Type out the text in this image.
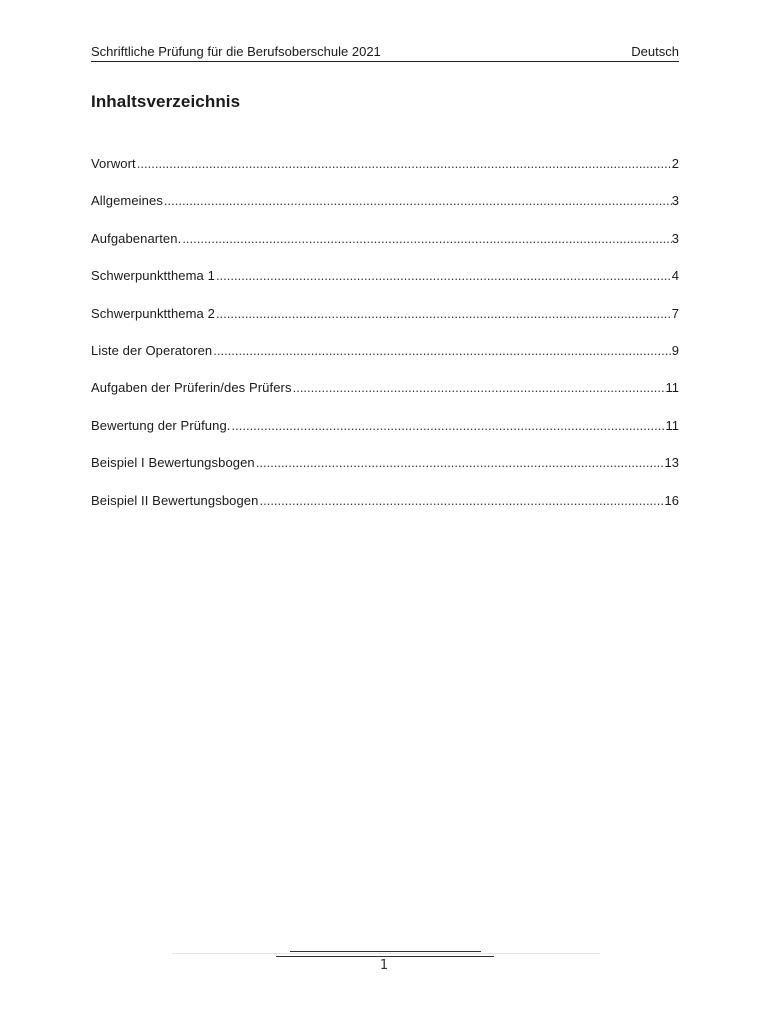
Schriftliche Prüfung für die Berufsoberschule 2021	Deutsch
Inhaltsverzeichnis
Vorwort .....	2
Allgemeines .....	3
Aufgabenarten. .....	3
Schwerpunktthema 1 .....	4
Schwerpunktthema 2 .....	7
Liste der Operatoren .....	9
Aufgaben der Prüferin/des Prüfers .....	11
Bewertung der Prüfung. .....	11
Beispiel I Bewertungsbogen .....	13
Beispiel II Bewertungsbogen .....	16
1
